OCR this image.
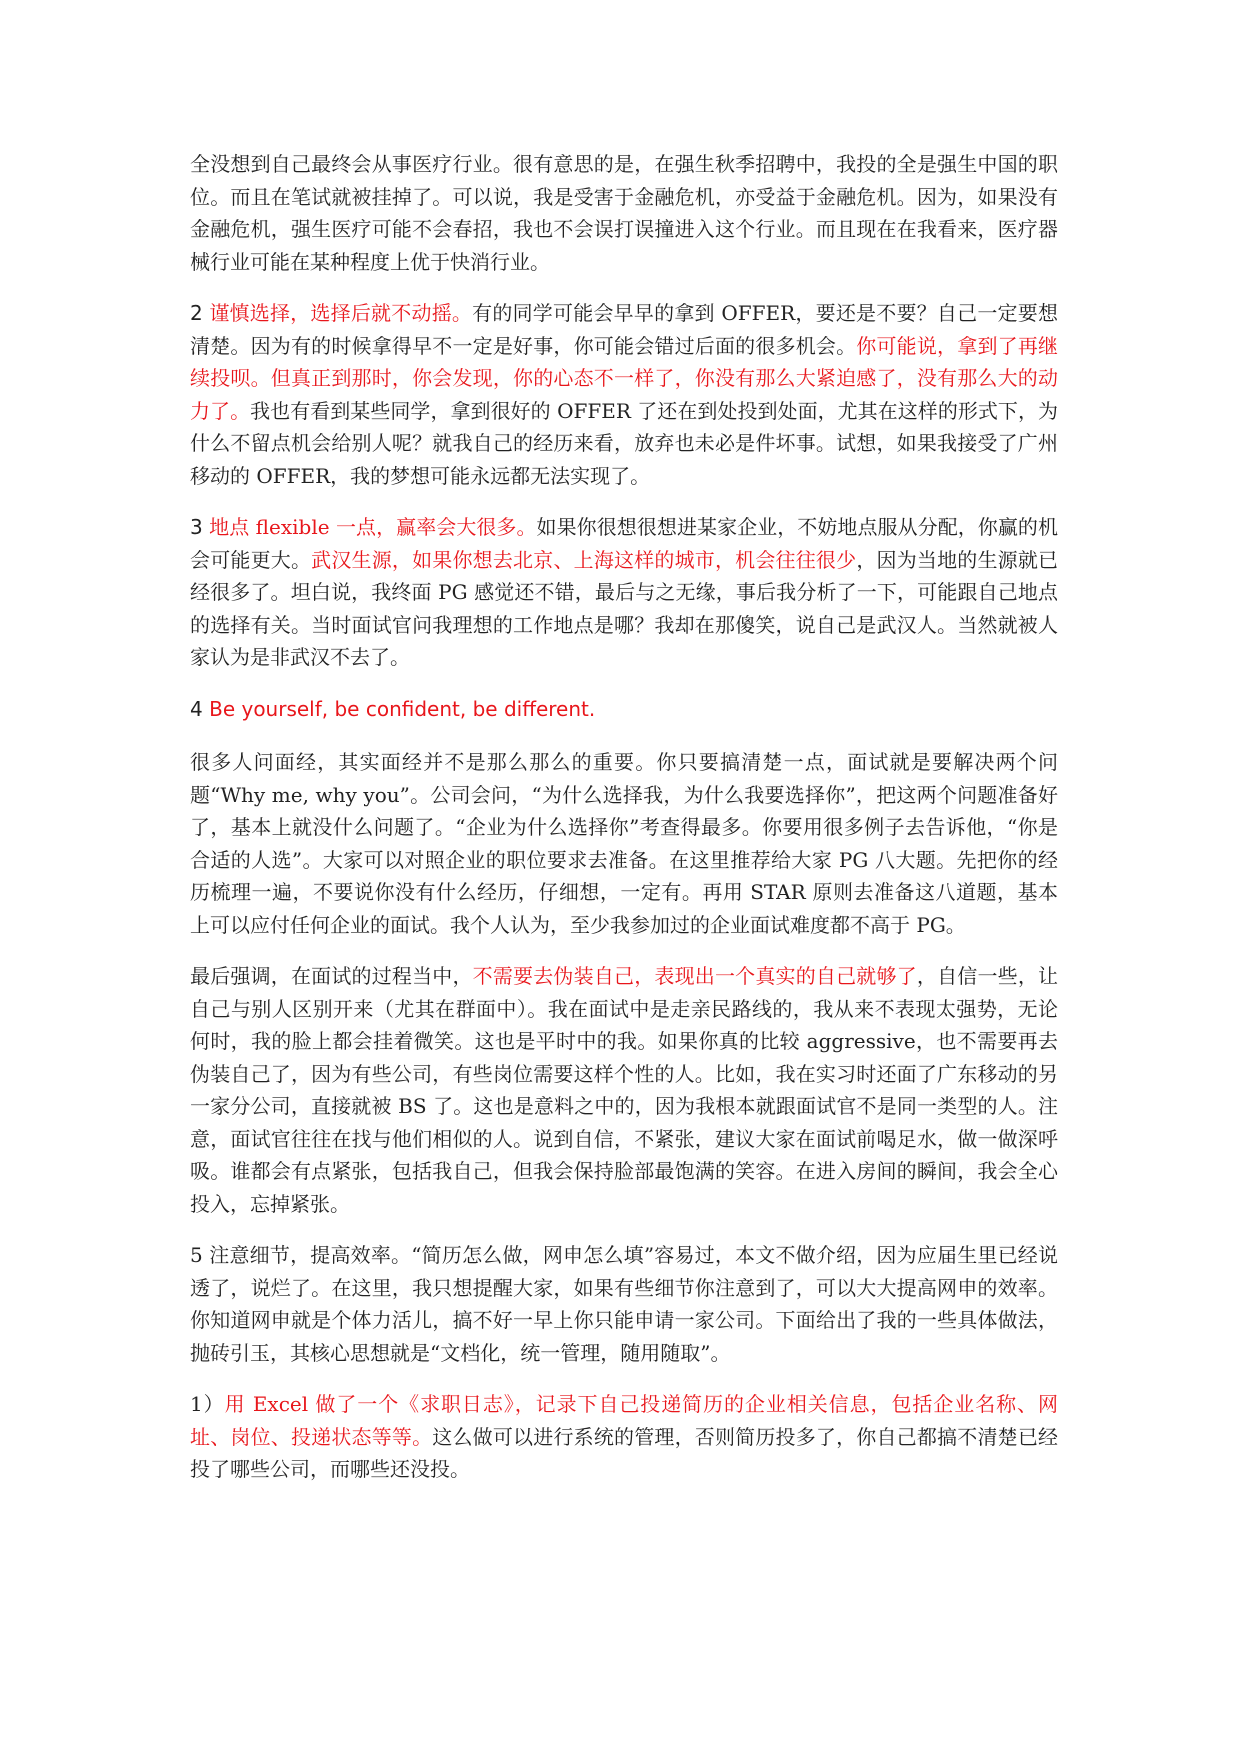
全没想到自己最终会从事医疗行业。很有意思的是，在强生秋季招聘中，我投的全是强生中国的职位。而且在笔试就被挂掉了。可以说，我是受害于金融危机，亦受益于金融危机。因为，如果没有金融危机，强生医疗可能不会春招，我也不会误打误撞进入这个行业。而且现在在我看来，医疗器械行业可能在某种程度上优于快消行业。

2 谨慎选择，选择后就不动摇。有的同学可能会早早的拿到 OFFER，要还是不要？自己一定要想清楚。因为有的时候拿得早不一定是好事，你可能会错过后面的很多机会。你可能说，拿到了再继续投呗。但真正到那时，你会发现，你的心态不一样了，你没有那么大紧迫感了，没有那么大的动力了。我也有看到某些同学，拿到很好的 OFFER 了还在到处投到处面，尤其在这样的形式下，为什么不留点机会给别人呢？就我自己的经历来看，放弃也未必是件坏事。试想，如果我接受了广州移动的 OFFER，我的梦想可能永远都无法实现了。

3 地点 flexible 一点，赢率会大很多。如果你很想很想进某家企业，不妨地点服从分配，你赢的机会可能更大。武汉生源，如果你想去北京、上海这样的城市，机会往往很少，因为当地的生源就已经很多了。坦白说，我终面 PG 感觉还不错，最后与之无缘，事后我分析了一下，可能跟自己地点的选择有关。当时面试官问我理想的工作地点是哪？我却在那傻笑，说自己是武汉人。当然就被人家认为是非武汉不去了。

4 Be yourself, be confident, be different.

很多人问面经，其实面经并不是那么那么的重要。你只要搞清楚一点，面试就是要解决两个问题“Why me, why you”。公司会问，“为什么选择我，为什么我要选择你”，把这两个问题准备好了，基本上就没什么问题了。“企业为什么选择你”考查得最多。你要用很多例子去告诉他，“你是合适的人选”。大家可以对照企业的职位要求去准备。在这里推荐给大家 PG 八大题。先把你的经历梳理一遍，不要说你没有什么经历，仔细想，一定有。再用 STAR 原则去准备这八道题，基本上可以应付任何企业的面试。我个人认为，至少我参加过的企业面试难度都不高于 PG。

最后强调，在面试的过程当中，不需要去伪装自己，表现出一个真实的自己就够了，自信一些，让自己与别人区别开来（尤其在群面中）。我在面试中是走亲民路线的，我从来不表现太强势，无论何时，我的脸上都会挂着微笑。这也是平时中的我。如果你真的比较 aggressive，也不需要再去伪装自己了，因为有些公司，有些岗位需要这样个性的人。比如，我在实习时还面了广东移动的另一家分公司，直接就被 BS 了。这也是意料之中的，因为我根本就跟面试官不是同一类型的人。注意，面试官往往在找与他们相似的人。说到自信，不紧张，建议大家在面试前喝足水，做一做深呼吸。谁都会有点紧张，包括我自己，但我会保持脸部最饱满的笑容。在进入房间的瞬间，我会全心投入，忘掉紧张。

5 注意细节，提高效率。“简历怎么做，网申怎么填”容易过，本文不做介绍，因为应届生里已经说透了，说烂了。在这里，我只想提醒大家，如果有些细节你注意到了，可以大大提高网申的效率。你知道网申就是个体力活儿，搞不好一早上你只能申请一家公司。下面给出了我的一些具体做法，抛砖引玉，其核心思想就是“文档化，统一管理，随用随取”。

1）用 Excel 做了一个《求职日志》，记录下自己投递简历的企业相关信息，包括企业名称、网址、岗位、投递状态等等。这么做可以进行系统的管理，否则简历投多了，你自己都搞不清楚已经投了哪些公司，而哪些还没投。
